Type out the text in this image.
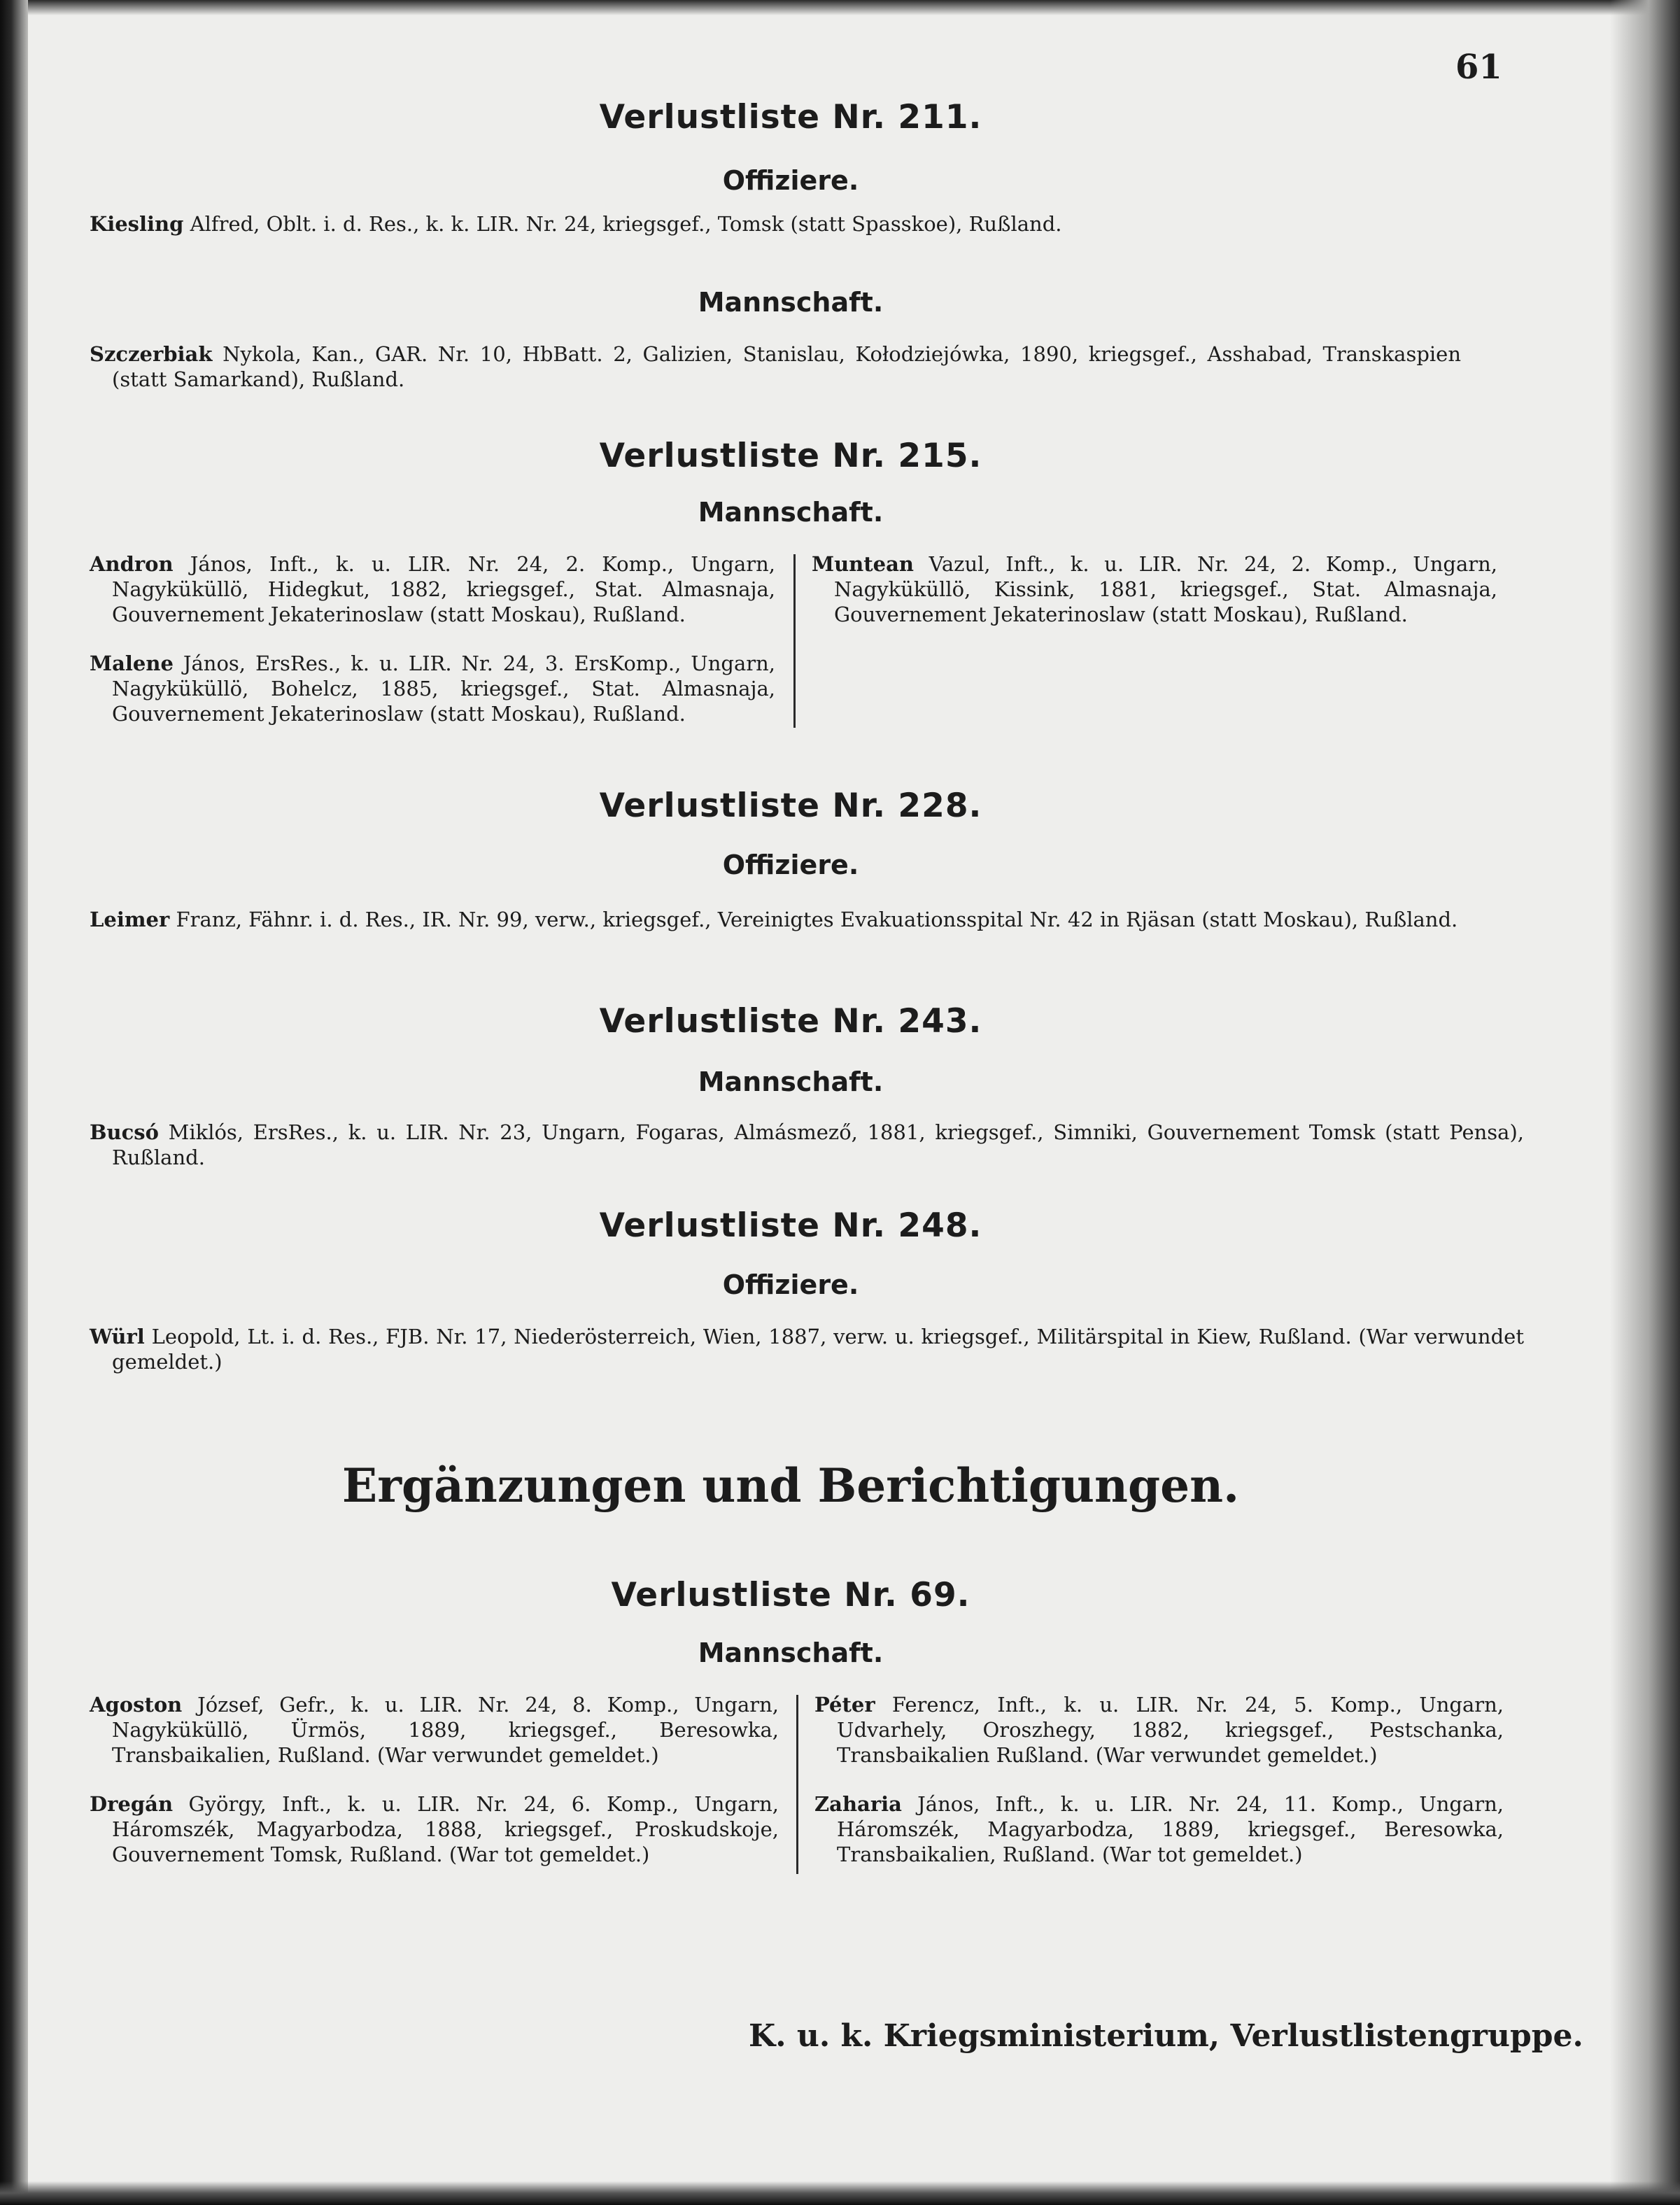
61
Verlustliste Nr. 211.
Offiziere.

Kiesling Alfred, Oblt. i. d. Res., k. k. LIR. Nr. 24, kriegsgef., Tomsk (statt Spasskoe), Rußland.

Mannschaft.

Szczerbiak Nykola, Kan., GAR. Nr. 10, HbBatt. 2, Galizien, Stanislau, Kołodziejówka, 1890, kriegsgef., Asshabad, Transkaspien (statt Samarkand), Rußland.

Verlustliste Nr. 215.
Mannschaft.

Andron János, Inft., k. u. LIR. Nr. 24, 2. Komp., Ungarn, Nagyküküllö, Hidegkut, 1882, kriegsgef., Stat. Almasnaja, Gouvernement Jekaterinoslaw (statt Moskau), Rußland.

Malene János, ErsRes., k. u. LIR. Nr. 24, 3. ErsKomp., Ungarn, Nagyküküllö, Bohelcz, 1885, kriegsgef., Stat. Almasnaja, Gouvernement Jekaterinoslaw (statt Moskau), Rußland.

Muntean Vazul, Inft., k. u. LIR. Nr. 24, 2. Komp., Ungarn, Nagyküküllö, Kissink, 1881, kriegsgef., Stat. Almasnaja, Gouvernement Jekaterinoslaw (statt Moskau), Rußland.

Verlustliste Nr. 228.
Offiziere.

Leimer Franz, Fähnr. i. d. Res., IR. Nr. 99, verw., kriegsgef., Vereinigtes Evakuationsspital Nr. 42 in Rjäsan (statt Moskau), Rußland.

Verlustliste Nr. 243.
Mannschaft.

Bucsó Miklós, ErsRes., k. u. LIR. Nr. 23, Ungarn, Fogaras, Almásmező, 1881, kriegsgef., Simniki, Gouvernement Tomsk (statt Pensa), Rußland.

Verlustliste Nr. 248.
Offiziere.

Würl Leopold, Lt. i. d. Res., FJB. Nr. 17, Niederösterreich, Wien, 1887, verw. u. kriegsgef., Militärspital in Kiew, Rußland. (War verwundet gemeldet.)

Ergänzungen und Berichtigungen.
Verlustliste Nr. 69.
Mannschaft.

Agoston József, Gefr., k. u. LIR. Nr. 24, 8. Komp., Ungarn, Nagyküküllö, Ürmös, 1889, kriegsgef., Beresowka, Transbaikalien, Rußland. (War verwundet gemeldet.)

Dregán György, Inft., k. u. LIR. Nr. 24, 6. Komp., Ungarn, Háromszék, Magyarbodza, 1888, kriegsgef., Proskudskoje, Gouvernement Tomsk, Rußland. (War tot gemeldet.)

Péter Ferencz, Inft., k. u. LIR. Nr. 24, 5. Komp., Ungarn, Udvarhely, Oroszhegy, 1882, kriegsgef., Pestschanka, Transbaikalien Rußland. (War verwundet gemeldet.)

Zaharia János, Inft., k. u. LIR. Nr. 24, 11. Komp., Ungarn, Háromszék, Magyarbodza, 1889, kriegsgef., Beresowka, Transbaikalien, Rußland. (War tot gemeldet.)

K. u. k. Kriegsministerium, Verlustlistengruppe.
